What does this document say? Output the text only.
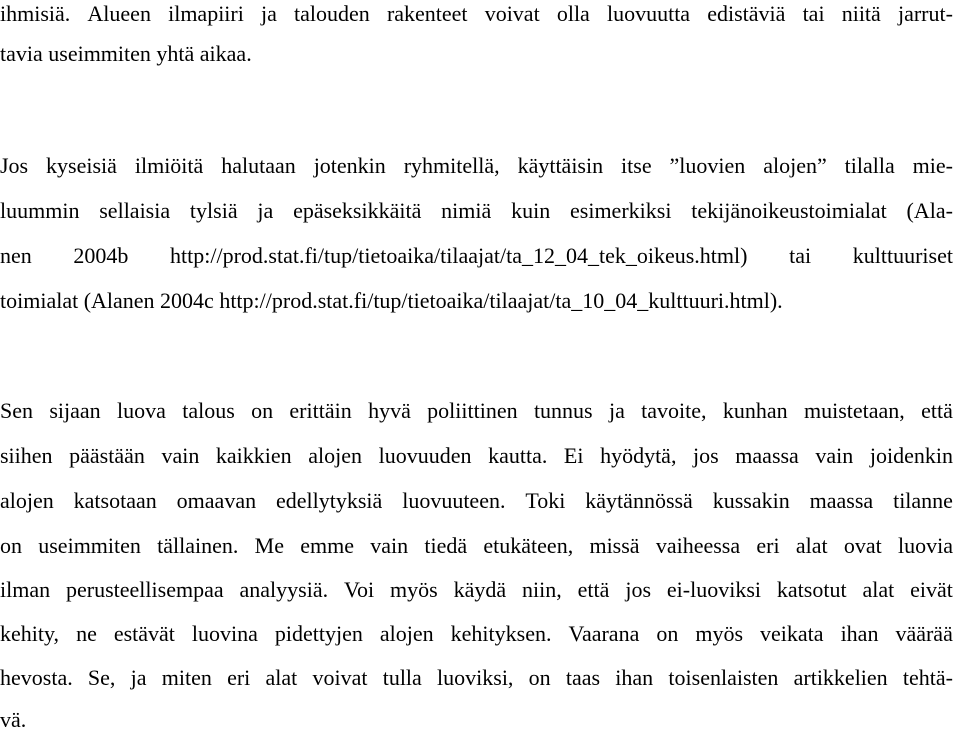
ihmisiä. Alueen ilmapiiri ja talouden rakenteet voivat olla luovuutta edistäviä tai niitä jarrut-
tavia useimmiten yhtä aikaa.
Jos kyseisiä ilmiöitä halutaan jotenkin ryhmitellä, käyttäisin itse ”luovien alojen” tilalla mie-
luummin sellaisia tylsiä ja epäseksikkäitä nimiä kuin esimerkiksi tekijänoikeustoimialat (Ala-
nen 2004b http://prod.stat.fi/tup/tietoaika/tilaajat/ta_12_04_tek_oikeus.html) tai kulttuuriset
toimialat (Alanen 2004c http://prod.stat.fi/tup/tietoaika/tilaajat/ta_10_04_kulttuuri.html).
Sen sijaan luova talous on erittäin hyvä poliittinen tunnus ja tavoite, kunhan muistetaan, että
siihen päästään vain kaikkien alojen luovuuden kautta. Ei hyödytä, jos maassa vain joidenkin
alojen katsotaan omaavan edellytyksiä luovuuteen. Toki käytännössä kussakin maassa tilanne
on useimmiten tällainen. Me emme vain tiedä etukäteen, missä vaiheessa eri alat ovat luovia
ilman perusteellisempaa analyysiä. Voi myös käydä niin, että jos ei-luoviksi katsotut alat eivät
kehity, ne estävät luovina pidettyjen alojen kehityksen. Vaarana on myös veikata ihan väärää
hevosta. Se, ja miten eri alat voivat tulla luoviksi, on taas ihan toisenlaisten artikkelien tehtä-
vä.
